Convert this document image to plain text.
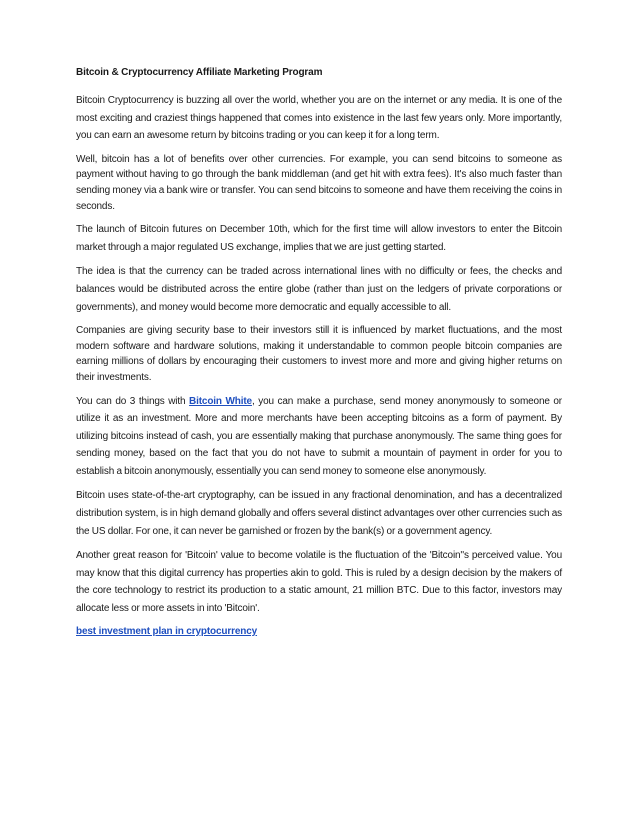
Bitcoin & Cryptocurrency Affiliate Marketing Program

Bitcoin Cryptocurrency is buzzing all over the world, whether you are on the internet or any media. It is one of the most exciting and craziest things happened that comes into existence in the last few years only. More importantly, you can earn an awesome return by bitcoins trading or you can keep it for a long term.

Well, bitcoin has a lot of benefits over other currencies. For example, you can send bitcoins to someone as payment without having to go through the bank middleman (and get hit with extra fees). It's also much faster than sending money via a bank wire or transfer. You can send bitcoins to someone and have them receiving the coins in seconds.

The launch of Bitcoin futures on December 10th, which for the first time will allow investors to enter the Bitcoin market through a major regulated US exchange, implies that we are just getting started.

The idea is that the currency can be traded across international lines with no difficulty or fees, the checks and balances would be distributed across the entire globe (rather than just on the ledgers of private corporations or governments), and money would become more democratic and equally accessible to all.

Companies are giving security base to their investors still it is influenced by market fluctuations, and the most modern software and hardware solutions, making it understandable to common people bitcoin companies are earning millions of dollars by encouraging their customers to invest more and more and giving higher returns on their investments.

You can do 3 things with Bitcoin White, you can make a purchase, send money anonymously to someone or utilize it as an investment. More and more merchants have been accepting bitcoins as a form of payment. By utilizing bitcoins instead of cash, you are essentially making that purchase anonymously. The same thing goes for sending money, based on the fact that you do not have to submit a mountain of payment in order for you to establish a bitcoin anonymously, essentially you can send money to someone else anonymously.

Bitcoin uses state-of-the-art cryptography, can be issued in any fractional denomination, and has a decentralized distribution system, is in high demand globally and offers several distinct advantages over other currencies such as the US dollar. For one, it can never be garnished or frozen by the bank(s) or a government agency.

Another great reason for 'Bitcoin' value to become volatile is the fluctuation of the 'Bitcoin''s perceived value. You may know that this digital currency has properties akin to gold. This is ruled by a design decision by the makers of the core technology to restrict its production to a static amount, 21 million BTC. Due to this factor, investors may allocate less or more assets in into 'Bitcoin'.

best investment plan in cryptocurrency
